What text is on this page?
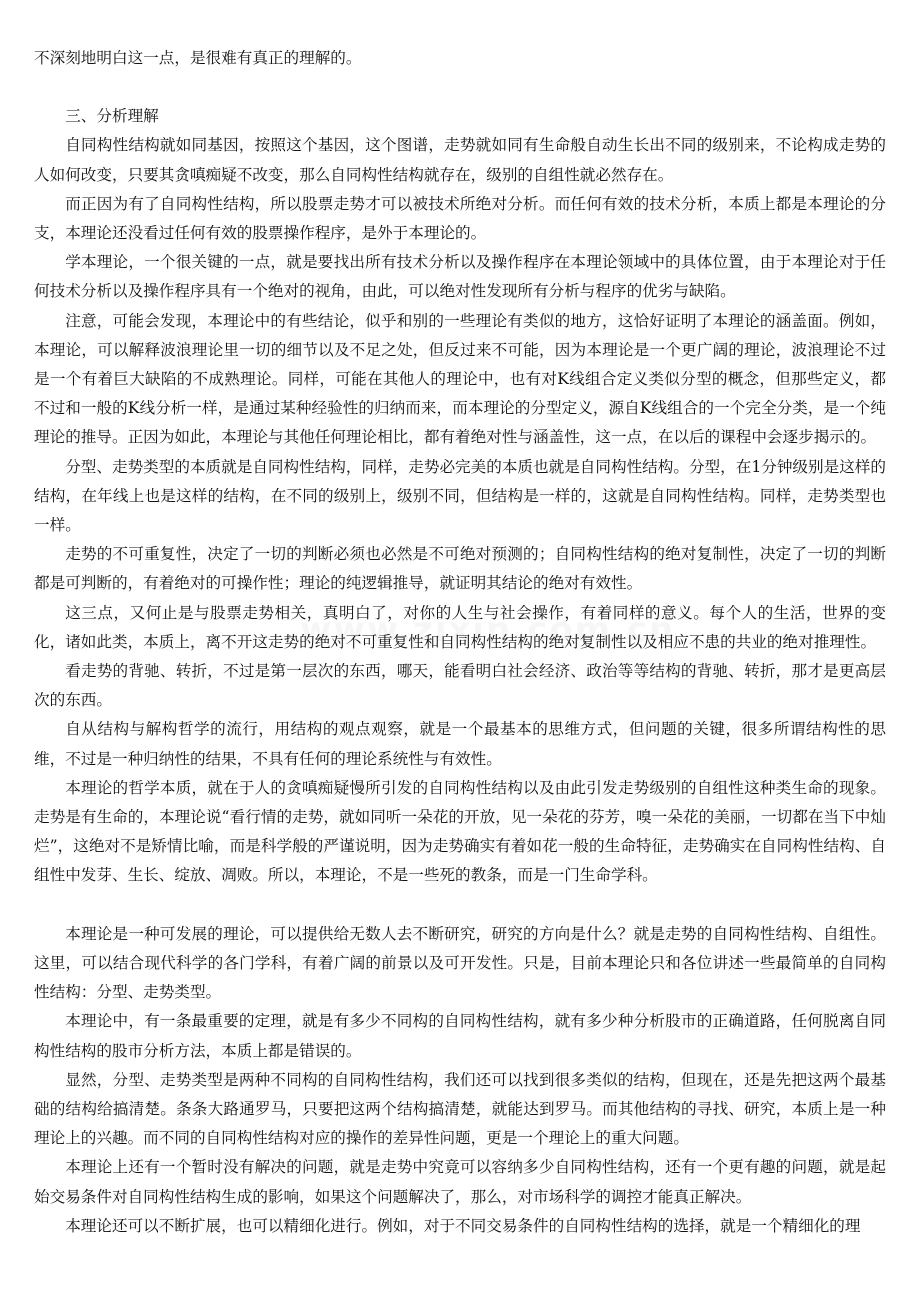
不深刻地明白这一点，是很难有真正的理解的。

三、分析理解

自同构性结构就如同基因，按照这个基因，这个图谱，走势就如同有生命般自动生长出不同的级别来，不论构成走势的人如何改变，只要其贪嗔痴疑不改变，那么自同构性结构就存在，级别的自组性就必然存在。

而正因为有了自同构性结构，所以股票走势才可以被技术所绝对分析。而任何有效的技术分析，本质上都是本理论的分支，本理论还没看过任何有效的股票操作程序，是外于本理论的。

学本理论，一个很关键的一点，就是要找出所有技术分析以及操作程序在本理论领域中的具体位置，由于本理论对于任何技术分析以及操作程序具有一个绝对的视角，由此，可以绝对性发现所有分析与程序的优劣与缺陷。

注意，可能会发现，本理论中的有些结论，似乎和别的一些理论有类似的地方，这恰好证明了本理论的涵盖面。例如，本理论，可以解释波浪理论里一切的细节以及不足之处，但反过来不可能，因为本理论是一个更广阔的理论，波浪理论不过是一个有着巨大缺陷的不成熟理论。同样，可能在其他人的理论中，也有对K线组合定义类似分型的概念，但那些定义，都不过和一般的K线分析一样，是通过某种经验性的归纳而来，而本理论的分型定义，源自K线组合的一个完全分类，是一个纯理论的推导。正因为如此，本理论与其他任何理论相比，都有着绝对性与涵盖性，这一点，在以后的课程中会逐步揭示的。

分型、走势类型的本质就是自同构性结构，同样，走势必完美的本质也就是自同构性结构。分型，在1分钟级别是这样的结构，在年线上也是这样的结构，在不同的级别上，级别不同，但结构是一样的，这就是自同构性结构。同样，走势类型也一样。

走势的不可重复性，决定了一切的判断必须也必然是不可绝对预测的；自同构性结构的绝对复制性，决定了一切的判断都是可判断的，有着绝对的可操作性；理论的纯逻辑推导，就证明其结论的绝对有效性。

这三点，又何止是与股票走势相关，真明白了，对你的人生与社会操作，有着同样的意义。每个人的生活，世界的变化，诸如此类，本质上，离不开这走势的绝对不可重复性和自同构性结构的绝对复制性以及相应不患的共业的绝对推理性。

看走势的背驰、转折，不过是第一层次的东西，哪天，能看明白社会经济、政治等等结构的背驰、转折，那才是更高层次的东西。

自从结构与解构哲学的流行，用结构的观点观察，就是一个最基本的思维方式，但问题的关键，很多所谓结构性的思维，不过是一种归纳性的结果，不具有任何的理论系统性与有效性。

本理论的哲学本质，就在于人的贪嗔痴疑慢所引发的自同构性结构以及由此引发走势级别的自组性这种类生命的现象。走势是有生命的，本理论说“看行情的走势，就如同听一朵花的开放，见一朵花的芬芳，嗅一朵花的美丽，一切都在当下中灿烂”，这绝对不是矫情比喻，而是科学般的严谨说明，因为走势确实有着如花一般的生命特征，走势确实在自同构性结构、自组性中发芽、生长、绽放、凋败。所以，本理论，不是一些死的教条，而是一门生命学科。

本理论是一种可发展的理论，可以提供给无数人去不断研究，研究的方向是什么？就是走势的自同构性结构、自组性。这里，可以结合现代科学的各门学科，有着广阔的前景以及可开发性。只是，目前本理论只和各位讲述一些最简单的自同构性结构：分型、走势类型。

本理论中，有一条最重要的定理，就是有多少不同构的自同构性结构，就有多少种分析股市的正确道路，任何脱离自同构性结构的股市分析方法，本质上都是错误的。

显然，分型、走势类型是两种不同构的自同构性结构，我们还可以找到很多类似的结构，但现在，还是先把这两个最基础的结构给搞清楚。条条大路通罗马，只要把这两个结构搞清楚，就能达到罗马。而其他结构的寻找、研究，本质上是一种理论上的兴趣。而不同的自同构性结构对应的操作的差异性问题，更是一个理论上的重大问题。

本理论上还有一个暂时没有解决的问题，就是走势中究竟可以容纳多少自同构性结构，还有一个更有趣的问题，就是起始交易条件对自同构性结构生成的影响，如果这个问题解决了，那么，对市场科学的调控才能真正解决。

本理论还可以不断扩展，也可以精细化进行。例如，对于不同交易条件的自同构性结构的选择，就是一个精细化的理
